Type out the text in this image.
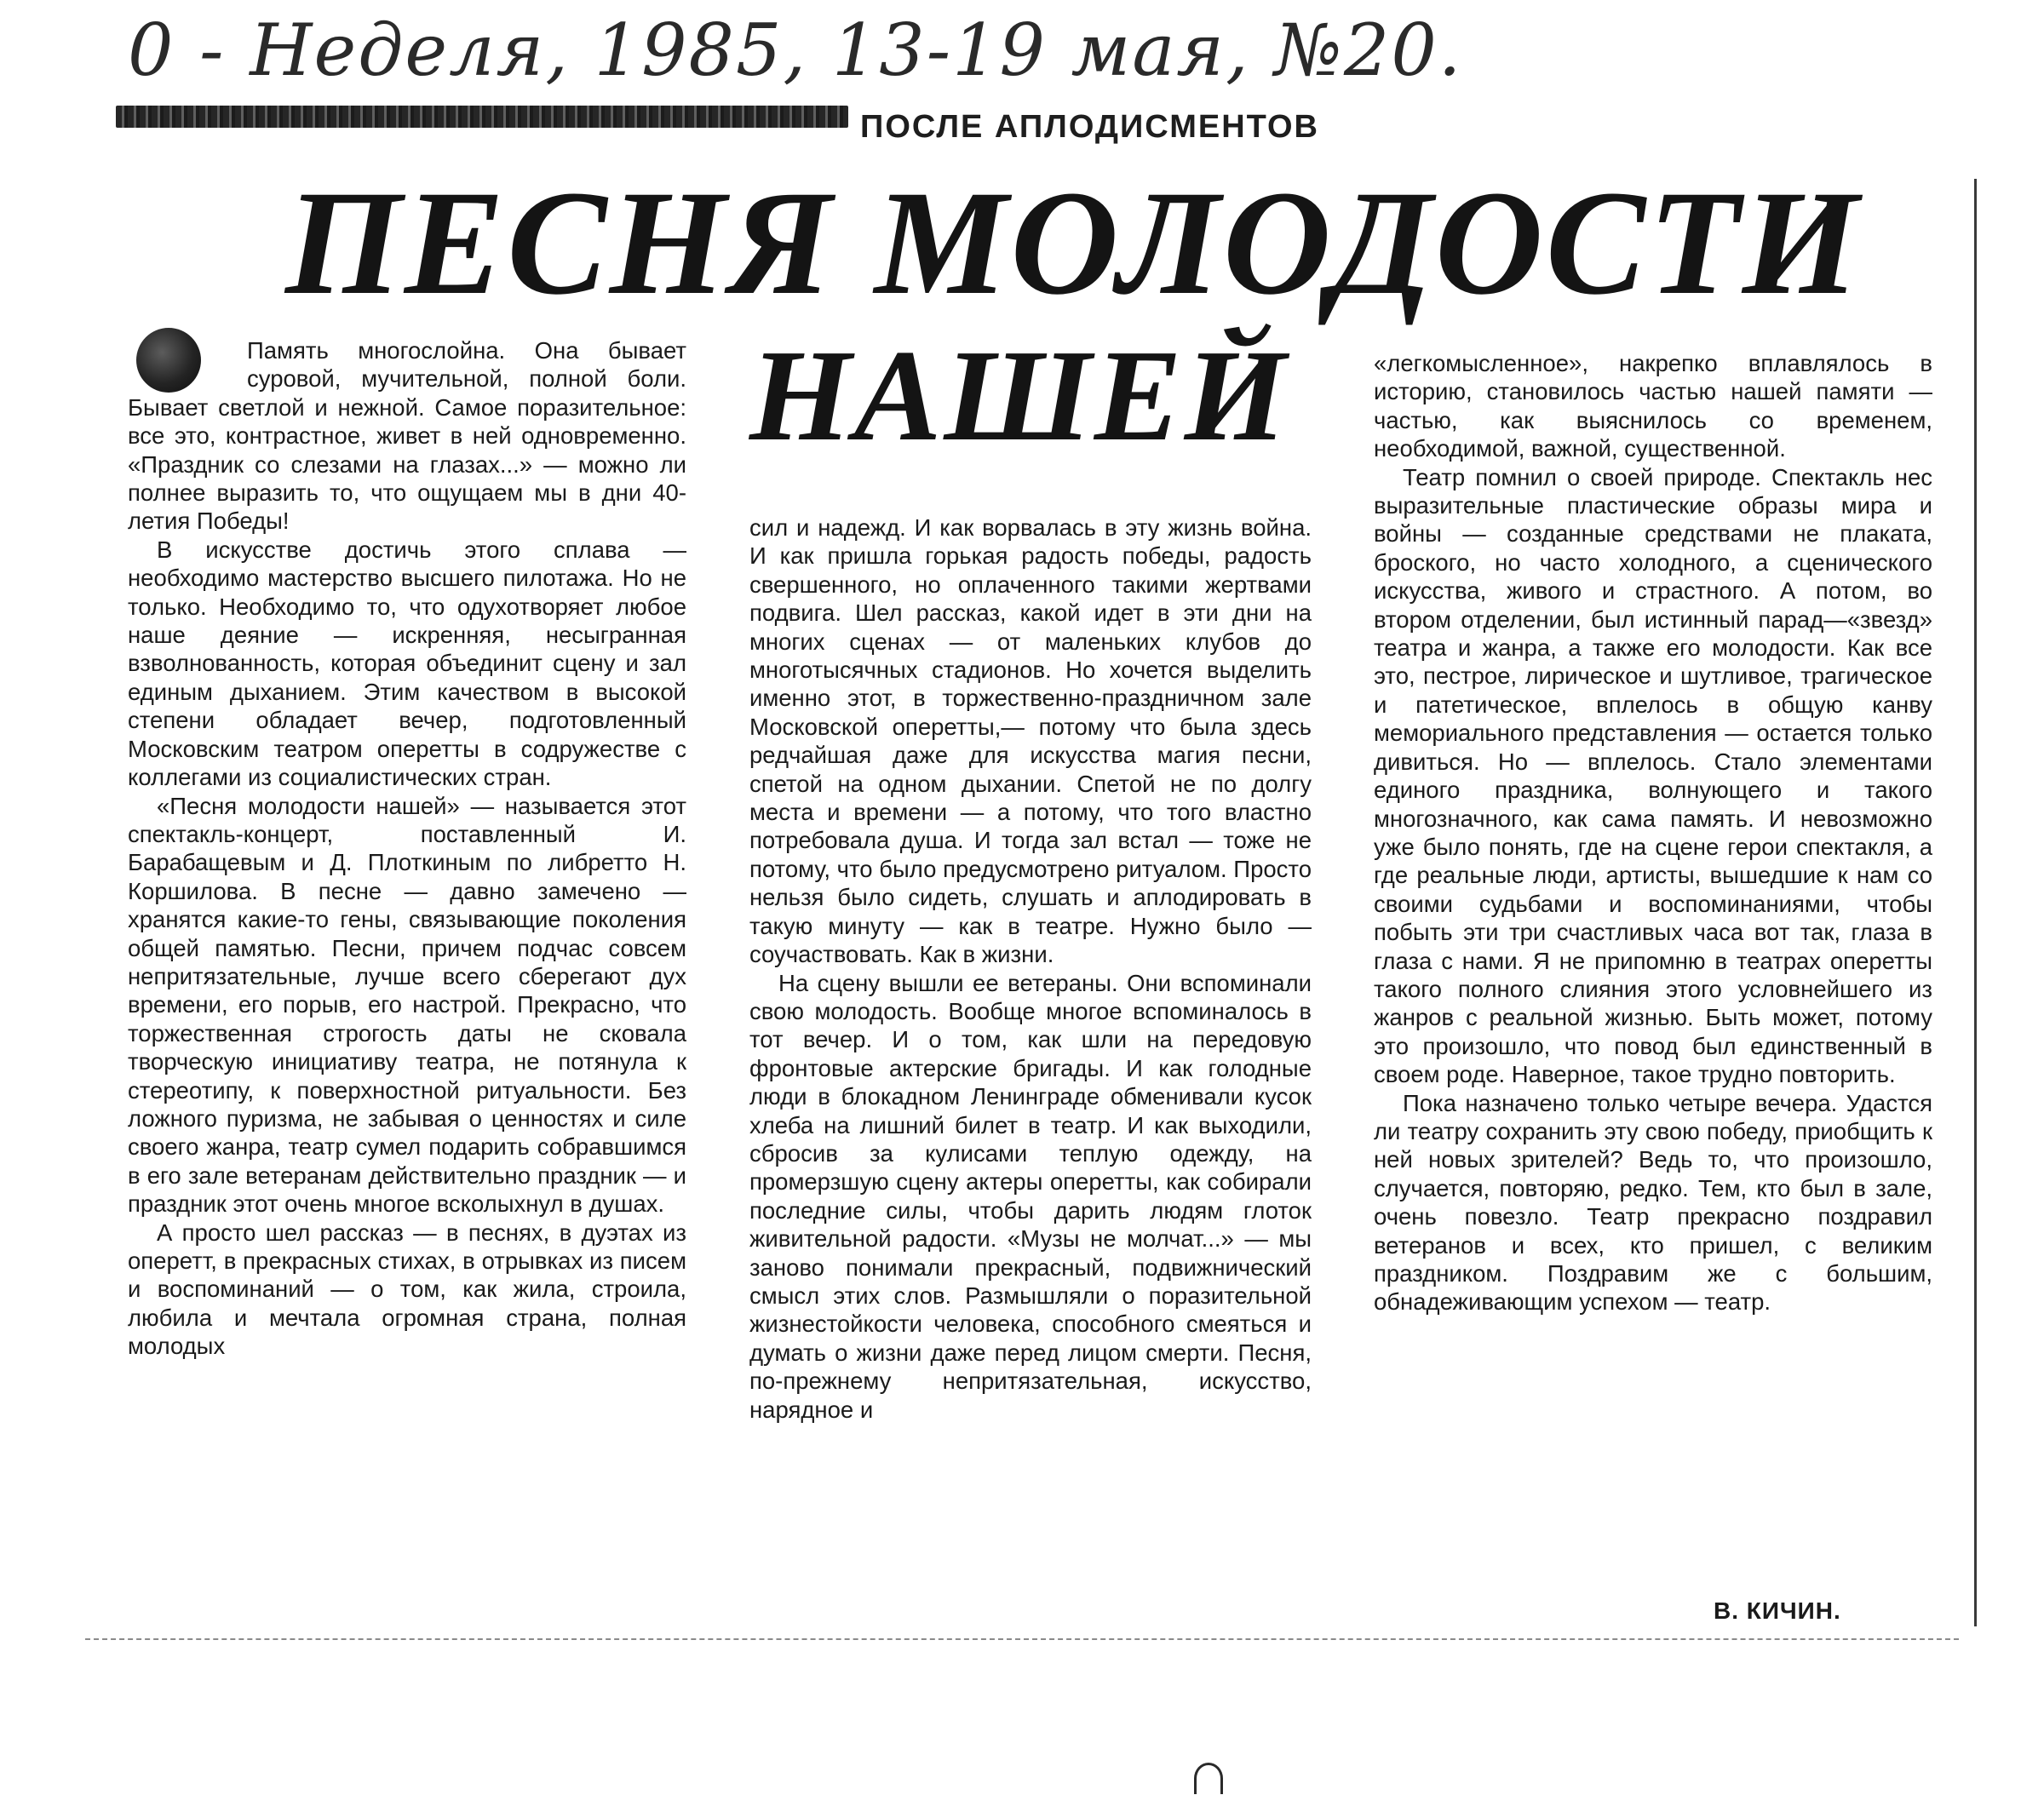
0 - Неделя, 1985, 13-19 мая, №20.
ПОСЛЕ АПЛОДИСМЕНТОВ
ПЕСНЯ МОЛОДОСТИ
НАШЕЙ

Память многослойна. Она бывает суровой, мучительной, полной боли. Бывает светлой и нежной. Самое поразительное: все это, контрастное, живет в ней одновременно. «Праздник со слезами на глазах...» — можно ли полнее выразить то, что ощущаем мы в дни 40-летия Победы!

В искусстве достичь этого сплава — необходимо мастерство высшего пилотажа. Но не только. Необходимо то, что одухотворяет любое наше деяние — искренняя, несыгранная взволнованность, которая объединит сцену и зал единым дыханием. Этим качеством в высокой степени обладает вечер, подготовленный Московским театром оперетты в содружестве с коллегами из социалистических стран.

«Песня молодости нашей» — называется этот спектакль-концерт, поставленный И. Барабащевым и Д. Плоткиным по либретто Н. Коршилова. В песне — давно замечено — хранятся какие-то гены, связывающие поколения общей памятью. Песни, причем подчас совсем непритязательные, лучше всего сберегают дух времени, его порыв, его настрой. Прекрасно, что торжественная строгость даты не сковала творческую инициативу театра, не потянула к стереотипу, к поверхностной ритуальности. Без ложного пуризма, не забывая о ценностях и силе своего жанра, театр сумел подарить собравшимся в его зале ветеранам действительно праздник — и праздник этот очень многое всколыхнул в душах.

А просто шел рассказ — в песнях, в дуэтах из оперетт, в прекрасных стихах, в отрывках из писем и воспоминаний — о том, как жила, строила, любила и мечтала огромная страна, полная молодых

сил и надежд. И как ворвалась в эту жизнь война. И как пришла горькая радость победы, радость свершенного, но оплаченного такими жертвами подвига. Шел рассказ, какой идет в эти дни на многих сценах — от маленьких клубов до многотысячных стадионов. Но хочется выделить именно этот, в торжественно-праздничном зале Московской оперетты,— потому что была здесь редчайшая даже для искусства магия песни, спетой на одном дыхании. Спетой не по долгу места и времени — а потому, что того властно потребовала душа. И тогда зал встал — тоже не потому, что было предусмотрено ритуалом. Просто нельзя было сидеть, слушать и аплодировать в такую минуту — как в театре. Нужно было — соучаствовать. Как в жизни.

На сцену вышли ее ветераны. Они вспоминали свою молодость. Вообще многое вспоминалось в тот вечер. И о том, как шли на передовую фронтовые актерские бригады. И как голодные люди в блокадном Ленинграде обменивали кусок хлеба на лишний билет в театр. И как выходили, сбросив за кулисами теплую одежду, на промерзшую сцену актеры оперетты, как собирали последние силы, чтобы дарить людям глоток живительной радости. «Музы не молчат...» — мы заново понимали прекрасный, подвижнический смысл этих слов. Размышляли о поразительной жизнестойкости человека, способного смеяться и думать о жизни даже перед лицом смерти. Песня, по-прежнему непритязательная, искусство, нарядное и

«легкомысленное», накрепко вплавлялось в историю, становилось частью нашей памяти — частью, как выяснилось со временем, необходимой, важной, существенной.

Театр помнил о своей природе. Спектакль нес выразительные пластические образы мира и войны — созданные средствами не плаката, броского, но часто холодного, а сценического искусства, живого и страстного. А потом, во втором отделении, был истинный парад—«звезд» театра и жанра, а также его молодости. Как все это, пестрое, лирическое и шутливое, трагическое и патетическое, вплелось в общую канву мемориального представления — остается только дивиться. Но — вплелось. Стало элементами единого праздника, волнующего и такого многозначного, как сама память. И невозможно уже было понять, где на сцене герои спектакля, а где реальные люди, артисты, вышедшие к нам со своими судьбами и воспоминаниями, чтобы побыть эти три счастливых часа вот так, глаза в глаза с нами. Я не припомню в театрах оперетты такого полного слияния этого условнейшего из жанров с реальной жизнью. Быть может, потому это произошло, что повод был единственный в своем роде. Наверное, такое трудно повторить.

Пока назначено только четыре вечера. Удастся ли театру сохранить эту свою победу, приобщить к ней новых зрителей? Ведь то, что произошло, случается, повторяю, редко. Тем, кто был в зале, очень повезло. Театр прекрасно поздравил ветеранов и всех, кто пришел, с великим праздником. Поздравим же с большим, обнадеживающим успехом — театр.

В. КИЧИН.
